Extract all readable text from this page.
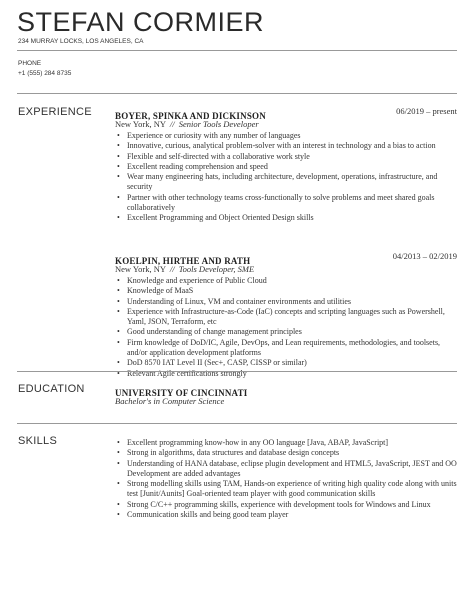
STEFAN CORMIER
234 MURRAY LOCKS, LOS ANGELES, CA
PHONE
+1 (555) 284 8735
EXPERIENCE	BOYER, SPINKA AND DICKINSON	06/2019 – present
New York, NY // Senior Tools Developer
• Experience or curiosity with any number of languages
• Innovative, curious, analytical problem-solver with an interest in technology and a bias to action
• Flexible and self-directed with a collaborative work style
• Excellent reading comprehension and speed
• Wear many engineering hats, including architecture, development, operations, infrastructure, and security
• Partner with other technology teams cross-functionally to solve problems and meet shared goals collaboratively
• Excellent Programming and Object Oriented Design skills
KOELPIN, HIRTHE AND RATH	04/2013 – 02/2019
New York, NY // Tools Developer, SME
• Knowledge and experience of Public Cloud
• Knowledge of MaaS
• Understanding of Linux, VM and container environments and utilities
• Experience with Infrastructure-as-Code (IaC) concepts and scripting languages such as Powershell, Yaml, JSON, Terraform, etc
• Good understanding of change management principles
• Firm knowledge of DoD/IC, Agile, DevOps, and Lean requirements, methodologies, and toolsets, and/or application development platforms
• DoD 8570 IAT Level II (Sec+, CASP, CISSP or similar)
• Relevant Agile certifications strongly
EDUCATION	UNIVERSITY OF CINCINNATI
Bachelor's in Computer Science
SKILLS	• Excellent programming know-how in any OO language [Java, ABAP, JavaScript]
• Strong in algorithms, data structures and database design concepts
• Understanding of HANA database, eclipse plugin development and HTML5, JavaScript, JEST and OO Development are added advantages
• Strong modelling skills using TAM, Hands-on experience of writing high quality code along with units test [Junit/Aunits] Goal-oriented team player with good communication skills
• Strong C/C++ programming skills, experience with development tools for Windows and Linux
• Communication skills and being good team player
